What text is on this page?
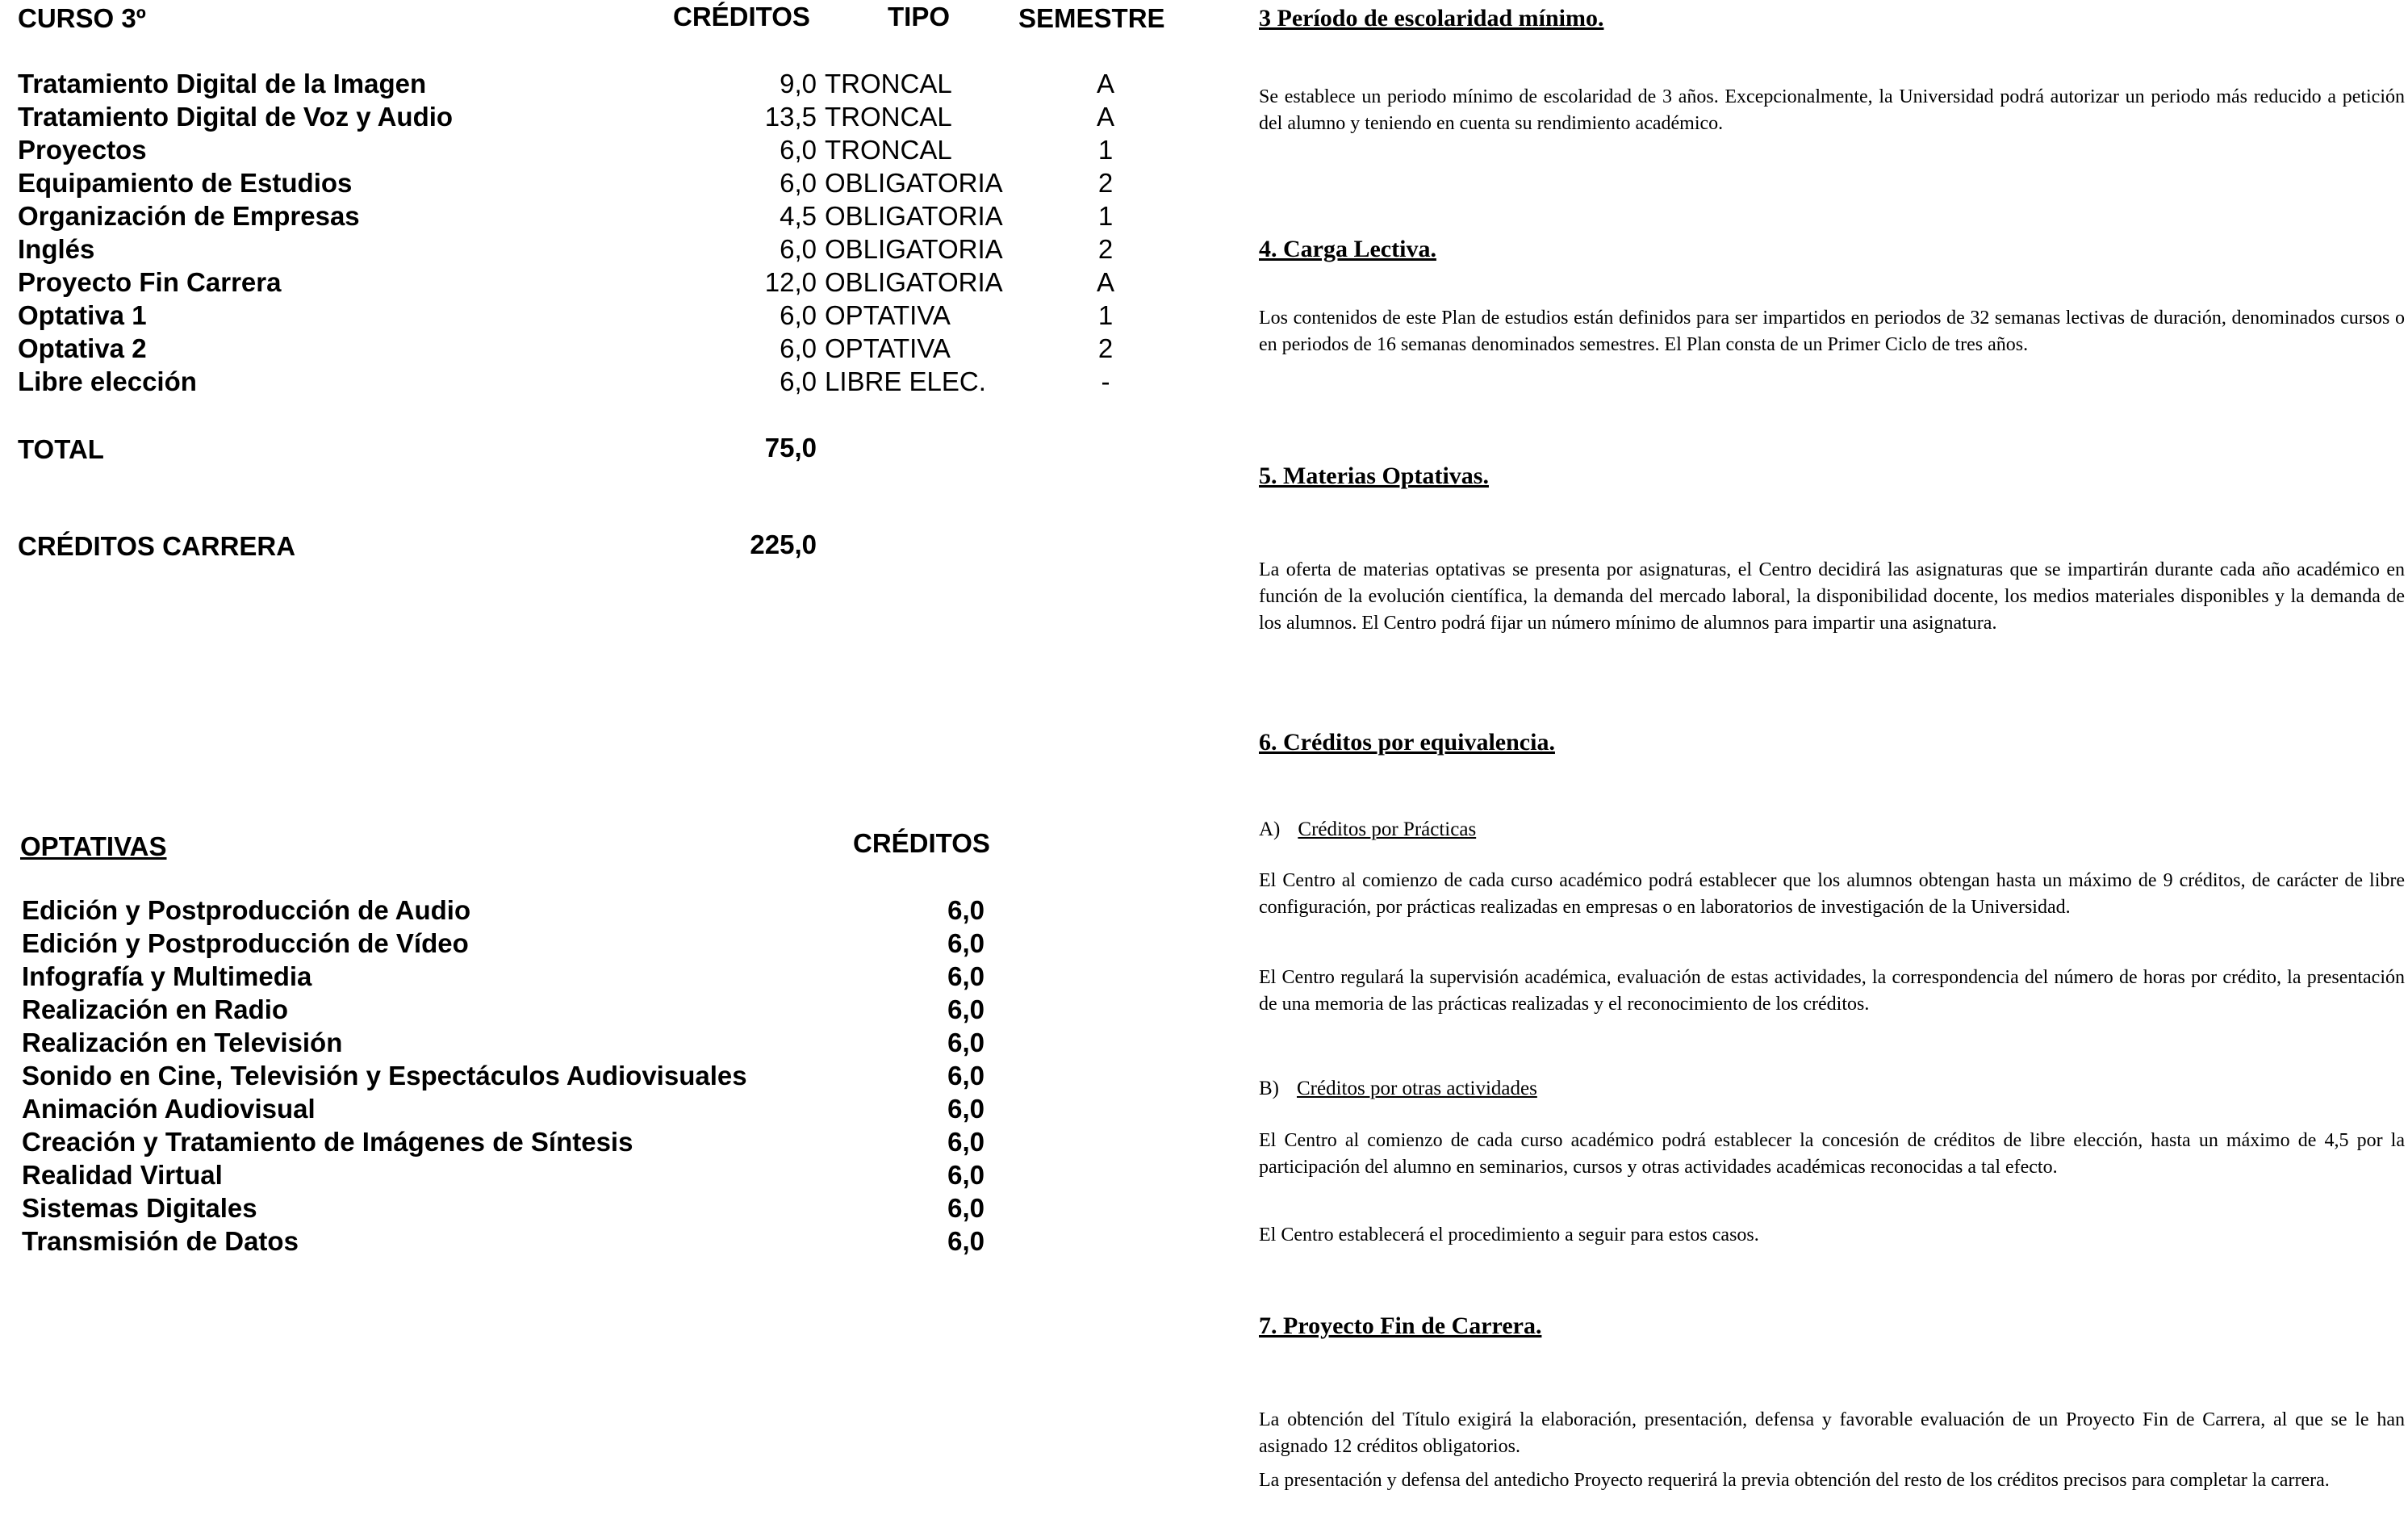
CURSO 3º	CRÉDITOS	TIPO	SEMESTRE
Tratamiento Digital de la Imagen	9,0 TRONCAL	A
Tratamiento Digital de Voz y Audio	13,5 TRONCAL	A
Proyectos	6,0 TRONCAL	1
Equipamiento de Estudios	6,0 OBLIGATORIA	2
Organización de Empresas	4,5 OBLIGATORIA	1
Inglés	6,0 OBLIGATORIA	2
Proyecto Fin Carrera	12,0 OBLIGATORIA	A
Optativa 1	6,0 OPTATIVA	1
Optativa 2	6,0 OPTATIVA	2
Libre elección	6,0 LIBRE ELEC.	-
TOTAL	75,0
CRÉDITOS CARRERA	225,0
OPTATIVAS	CRÉDITOS
Edición y Postproducción de Audio	6,0
Edición y Postproducción de Vídeo	6,0
Infografía y Multimedia	6,0
Realización en Radio	6,0
Realización en Televisión	6,0
Sonido en Cine, Televisión y Espectáculos Audiovisuales	6,0
Animación Audiovisual	6,0
Creación y Tratamiento de Imágenes de Síntesis	6,0
Realidad Virtual	6,0
Sistemas Digitales	6,0
Transmisión de Datos	6,0
3 Período de escolaridad mínimo.
Se establece un periodo mínimo de escolaridad de 3 años. Excepcionalmente, la Universidad podrá autorizar un periodo más reducido a petición del alumno y teniendo en cuenta su rendimiento académico.
4. Carga Lectiva.
Los contenidos de este Plan de estudios están definidos para ser impartidos en periodos de 32 semanas lectivas de duración, denominados cursos o en periodos de 16 semanas denominados semestres. El Plan consta de un Primer Ciclo de tres años.
5. Materias Optativas.
La oferta de materias optativas se presenta por asignaturas, el Centro decidirá las asignaturas que se impartirán durante cada año académico en función de la evolución científica, la demanda del mercado laboral, la disponibilidad docente, los medios materiales disponibles y la demanda de los alumnos. El Centro podrá fijar un número mínimo de alumnos para impartir una asignatura.
6. Créditos por equivalencia.
A) Créditos por Prácticas
El Centro al comienzo de cada curso académico podrá establecer que los alumnos obtengan hasta un máximo de 9 créditos, de carácter de libre configuración, por prácticas realizadas en empresas o en laboratorios de investigación de la Universidad.
El Centro regulará la supervisión académica, evaluación de estas actividades, la correspondencia del número de horas por crédito, la presentación de una memoria de las prácticas realizadas y el reconocimiento de los créditos.
B) Créditos por otras actividades
El Centro al comienzo de cada curso académico podrá establecer la concesión de créditos de libre elección, hasta un máximo de 4,5 por la participación del alumno en seminarios, cursos y otras actividades académicas reconocidas a tal efecto.
El Centro establecerá el procedimiento a seguir para estos casos.
7. Proyecto Fin de Carrera.
La obtención del Título exigirá la elaboración, presentación, defensa y favorable evaluación de un Proyecto Fin de Carrera, al que se le han asignado 12 créditos obligatorios.
La presentación y defensa del antedicho Proyecto requerirá la previa obtención del resto de los créditos precisos para completar la carrera.
